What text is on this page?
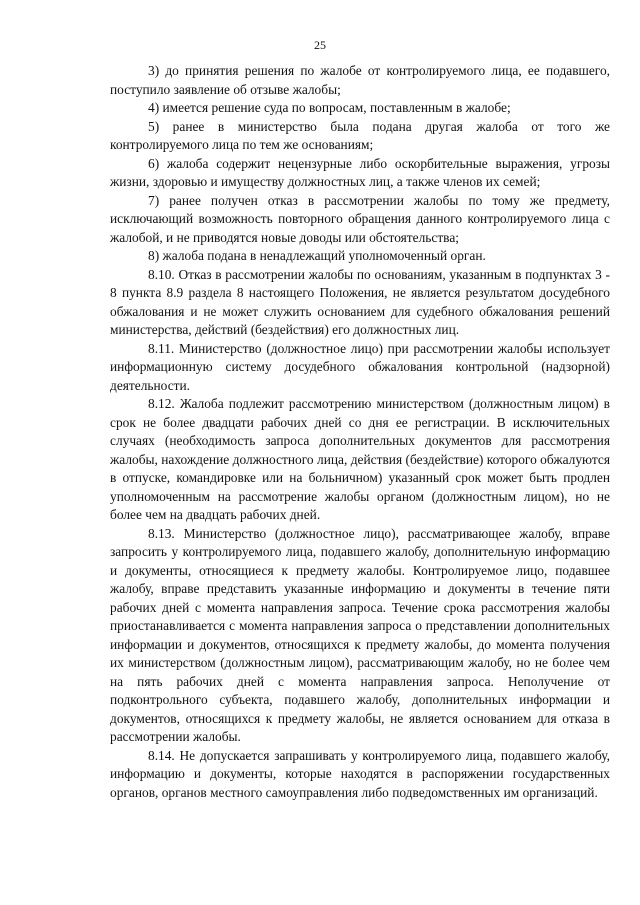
25

3) до принятия решения по жалобе от контролируемого лица, ее подавшего, поступило заявление об отзыве жалобы;

4) имеется решение суда по вопросам, поставленным в жалобе;

5) ранее в министерство была подана другая жалоба от того же контролируемого лица по тем же основаниям;

6) жалоба содержит нецензурные либо оскорбительные выражения, угрозы жизни, здоровью и имуществу должностных лиц, а также членов их семей;

7) ранее получен отказ в рассмотрении жалобы по тому же предмету, исключающий возможность повторного обращения данного контролируемого лица с жалобой, и не приводятся новые доводы или обстоятельства;

8) жалоба подана в ненадлежащий уполномоченный орган.

8.10. Отказ в рассмотрении жалобы по основаниям, указанным в подпунктах 3 - 8 пункта 8.9 раздела 8 настоящего Положения, не является результатом досудебного обжалования и не может служить основанием для судебного обжалования решений министерства, действий (бездействия) его должностных лиц.

8.11. Министерство (должностное лицо) при рассмотрении жалобы использует информационную систему досудебного обжалования контрольной (надзорной) деятельности.

8.12. Жалоба подлежит рассмотрению министерством (должностным лицом) в срок не более двадцати рабочих дней со дня ее регистрации. В исключительных случаях (необходимость запроса дополнительных документов для рассмотрения жалобы, нахождение должностного лица, действия (бездействие) которого обжалуются в отпуске, командировке или на больничном) указанный срок может быть продлен уполномоченным на рассмотрение жалобы органом (должностным лицом), но не более чем на двадцать рабочих дней.

8.13. Министерство (должностное лицо), рассматривающее жалобу, вправе запросить у контролируемого лица, подавшего жалобу, дополнительную информацию и документы, относящиеся к предмету жалобы. Контролируемое лицо, подавшее жалобу, вправе представить указанные информацию и документы в течение пяти рабочих дней с момента направления запроса. Течение срока рассмотрения жалобы приостанавливается с момента направления запроса о представлении дополнительных информации и документов, относящихся к предмету жалобы, до момента получения их министерством (должностным лицом), рассматривающим жалобу, но не более чем на пять рабочих дней с момента направления запроса. Неполучение от подконтрольного субъекта, подавшего жалобу, дополнительных информации и документов, относящихся к предмету жалобы, не является основанием для отказа в рассмотрении жалобы.

8.14. Не допускается запрашивать у контролируемого лица, подавшего жалобу, информацию и документы, которые находятся в распоряжении государственных органов, органов местного самоуправления либо подведомственных им организаций.
